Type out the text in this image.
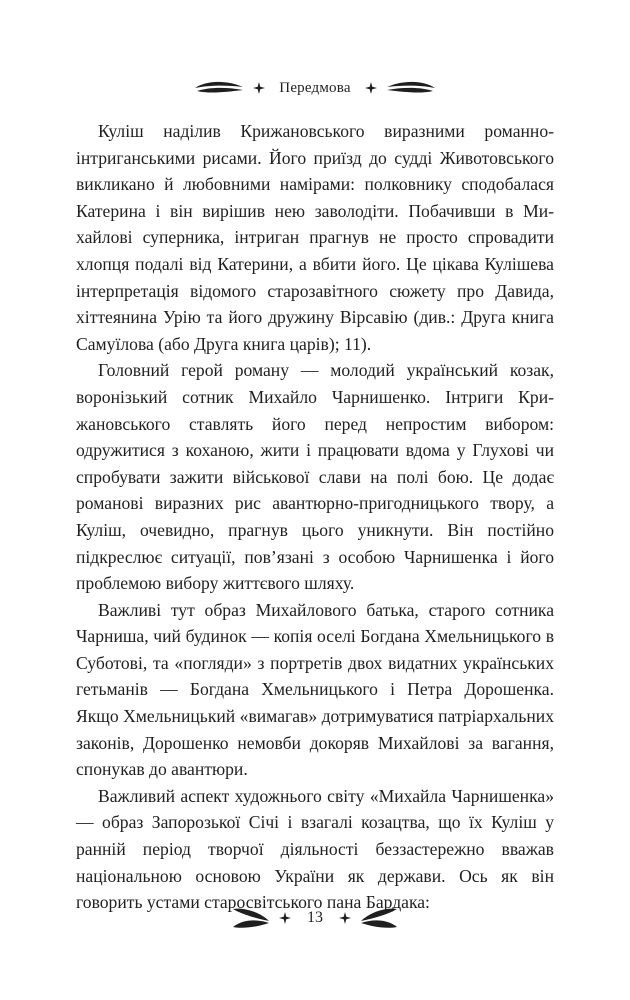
Передмова

Куліш наділив Крижановського виразними романно-інтриганськими рисами. Його приїзд до судді Животовського викликано й любовними намірами: полковнику сподобалася Катерина і він вирішив нею заволодіти. Побачивши в Михайлові суперника, інтриган прагнув не просто спровадити хлопця подалі від Катерини, а вбити його. Це цікава Кулішева інтерпретація відомого старозавітного сюжету про Давида, хіттеянина Урію та його дружину Вірсавію (див.: Друга книга Самуїлова (або Друга книга царів); 11).

Головний герой роману — молодий український козак, воронізький сотник Михайло Чарнишенко. Інтриги Крижановського ставлять його перед непростим вибором: одружитися з коханою, жити і працювати вдома у Глухові чи спробувати зажити військової слави на полі бою. Це додає романові виразних рис авантюрно-пригодницького твору, а Куліш, очевидно, прагнув цього уникнути. Він постійно підкреслює ситуації, пов’язані з особою Чарнишенка і його проблемою вибору життєвого шляху.

Важливі тут образ Михайлового батька, старого сотника Чарниша, чий будинок — копія оселі Богдана Хмельницького в Суботові, та «погляди» з портретів двох видатних українських гетьманів — Богдана Хмельницького і Петра Дорошенка. Якщо Хмельницький «вимагав» дотримуватися патріархальних законів, Дорошенко немовби докоряв Михайлові за вагання, спонукав до авантюри.

Важливий аспект художнього світу «Михайла Чарнишенка» — образ Запорозької Січі і взагалі козацтва, що їх Куліш у ранній період творчої діяльності беззастережно вважав національною основою України як держави. Ось як він говорить устами старосвітського пана Бардака:

13
